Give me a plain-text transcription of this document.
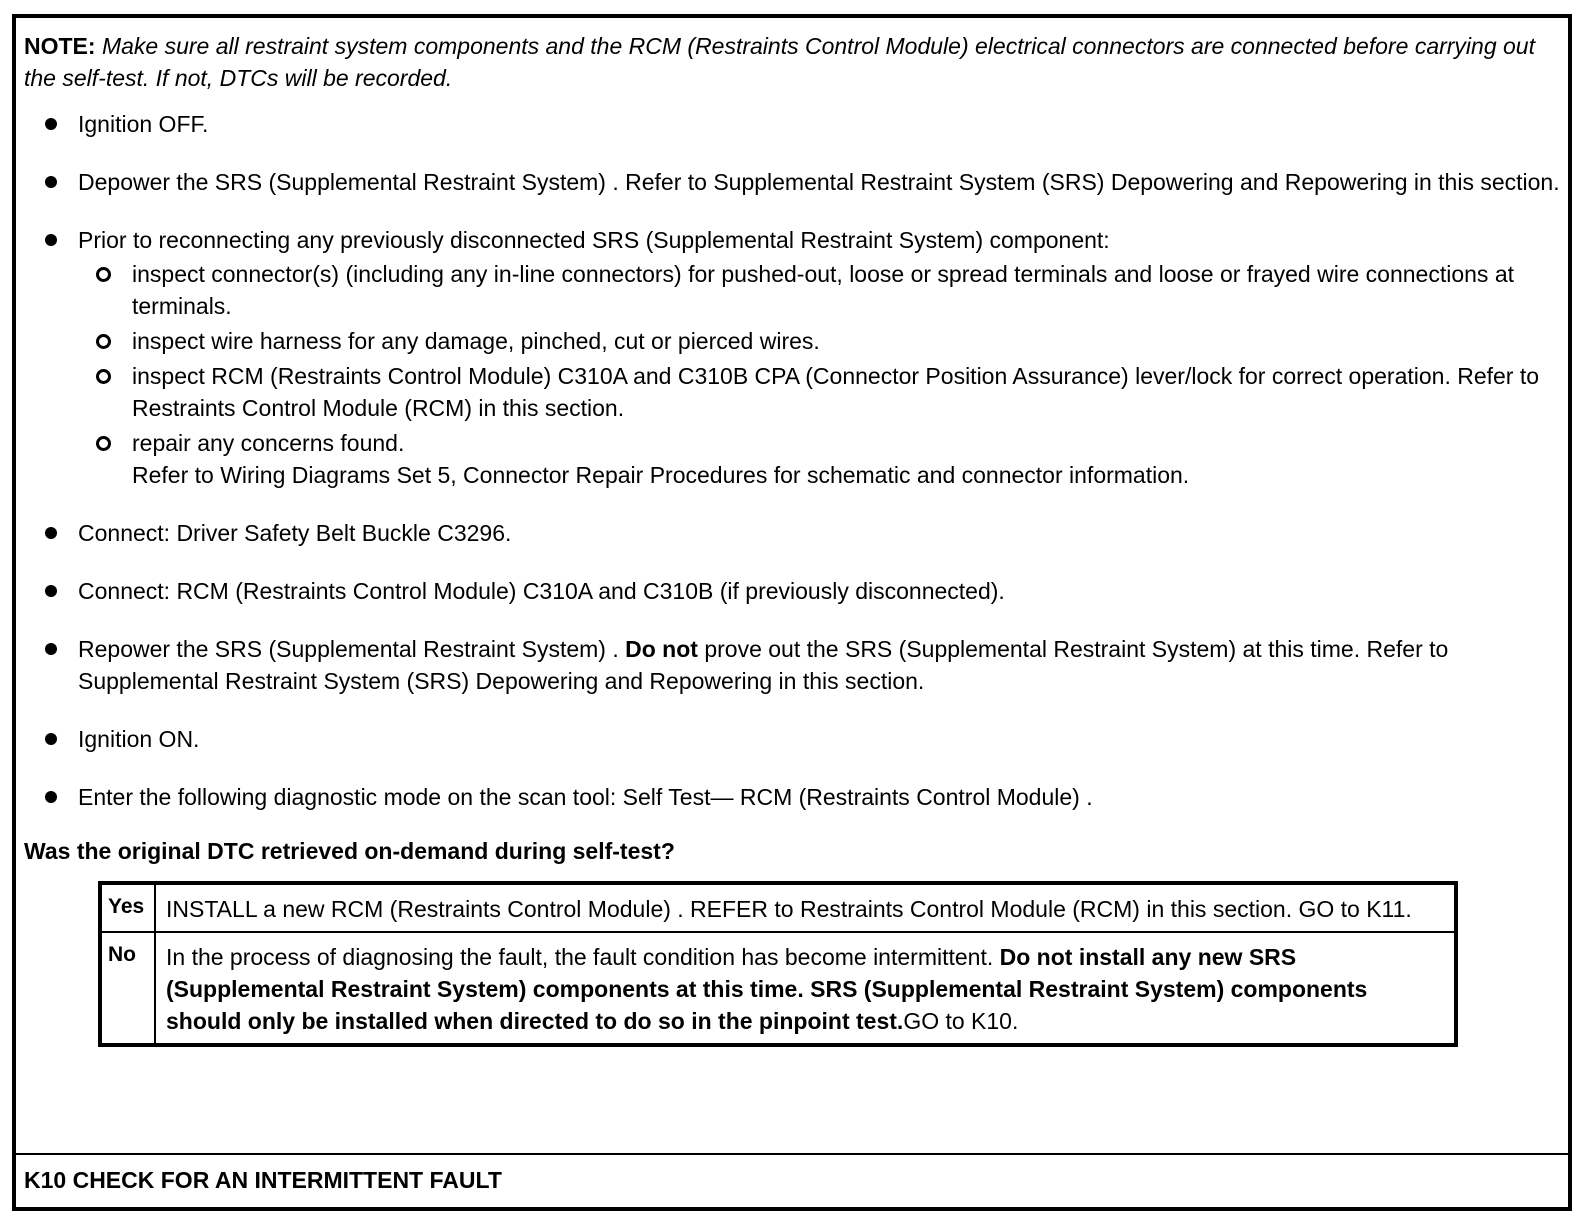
NOTE: Make sure all restraint system components and the RCM (Restraints Control Module) electrical connectors are connected before carrying out the self-test. If not, DTCs will be recorded.

Ignition OFF.
Depower the SRS (Supplemental Restraint System) . Refer to Supplemental Restraint System (SRS) Depowering and Repowering in this section.
Prior to reconnecting any previously disconnected SRS (Supplemental Restraint System) component:
inspect connector(s) (including any in-line connectors) for pushed-out, loose or spread terminals and loose or frayed wire connections at terminals.
inspect wire harness for any damage, pinched, cut or pierced wires.
inspect RCM (Restraints Control Module) C310A and C310B CPA (Connector Position Assurance) lever/lock for correct operation. Refer to Restraints Control Module (RCM) in this section.
repair any concerns found.
Refer to Wiring Diagrams Set 5, Connector Repair Procedures for schematic and connector information.
Connect: Driver Safety Belt Buckle C3296.
Connect: RCM (Restraints Control Module) C310A and C310B (if previously disconnected).
Repower the SRS (Supplemental Restraint System) . Do not prove out the SRS (Supplemental Restraint System) at this time. Refer to Supplemental Restraint System (SRS) Depowering and Repowering in this section.
Ignition ON.
Enter the following diagnostic mode on the scan tool: Self Test— RCM (Restraints Control Module) .

Was the original DTC retrieved on-demand during self-test?

Yes	INSTALL a new RCM (Restraints Control Module) . REFER to Restraints Control Module (RCM) in this section. GO to K11.
No	In the process of diagnosing the fault, the fault condition has become intermittent. Do not install any new SRS (Supplemental Restraint System) components at this time. SRS (Supplemental Restraint System) components should only be installed when directed to do so in the pinpoint test.GO to K10.
K10 CHECK FOR AN INTERMITTENT FAULT
